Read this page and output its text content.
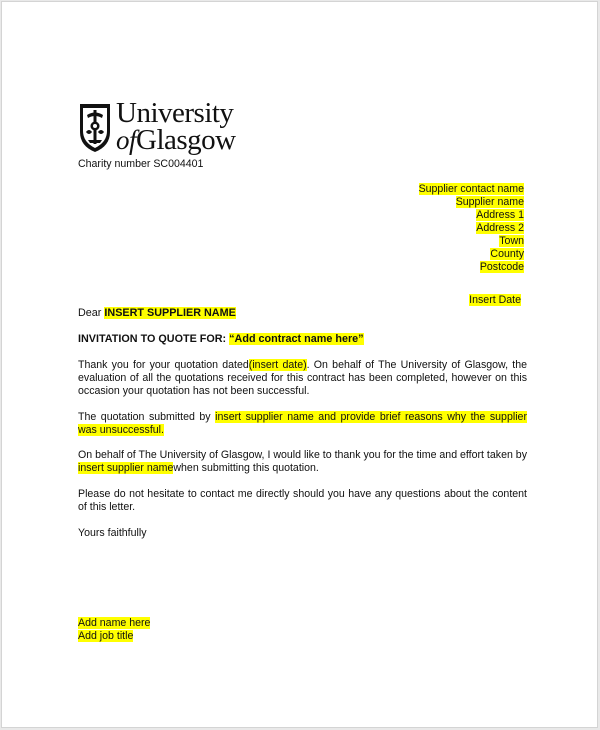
University
ofGlasgow
Charity number SC004401
Supplier contact name
Supplier name
Address 1
Address 2
Town
County
Postcode
Insert Date
Dear INSERT SUPPLIER NAME
INVITATION TO QUOTE FOR: “Add contract name here”
Thank you for your quotation dated(insert date). On behalf of The University of Glasgow, the evaluation of all the quotations received for this contract has been completed, however on this occasion your quotation has not been successful.
The quotation submitted by insert supplier name and provide brief reasons why the supplier was unsuccessful.
On behalf of The University of Glasgow, I would like to thank you for the time and effort taken by insert supplier namewhen submitting this quotation.
Please do not hesitate to contact me directly should you have any questions about the content of this letter.
Yours faithfully
Add name here
Add job title
